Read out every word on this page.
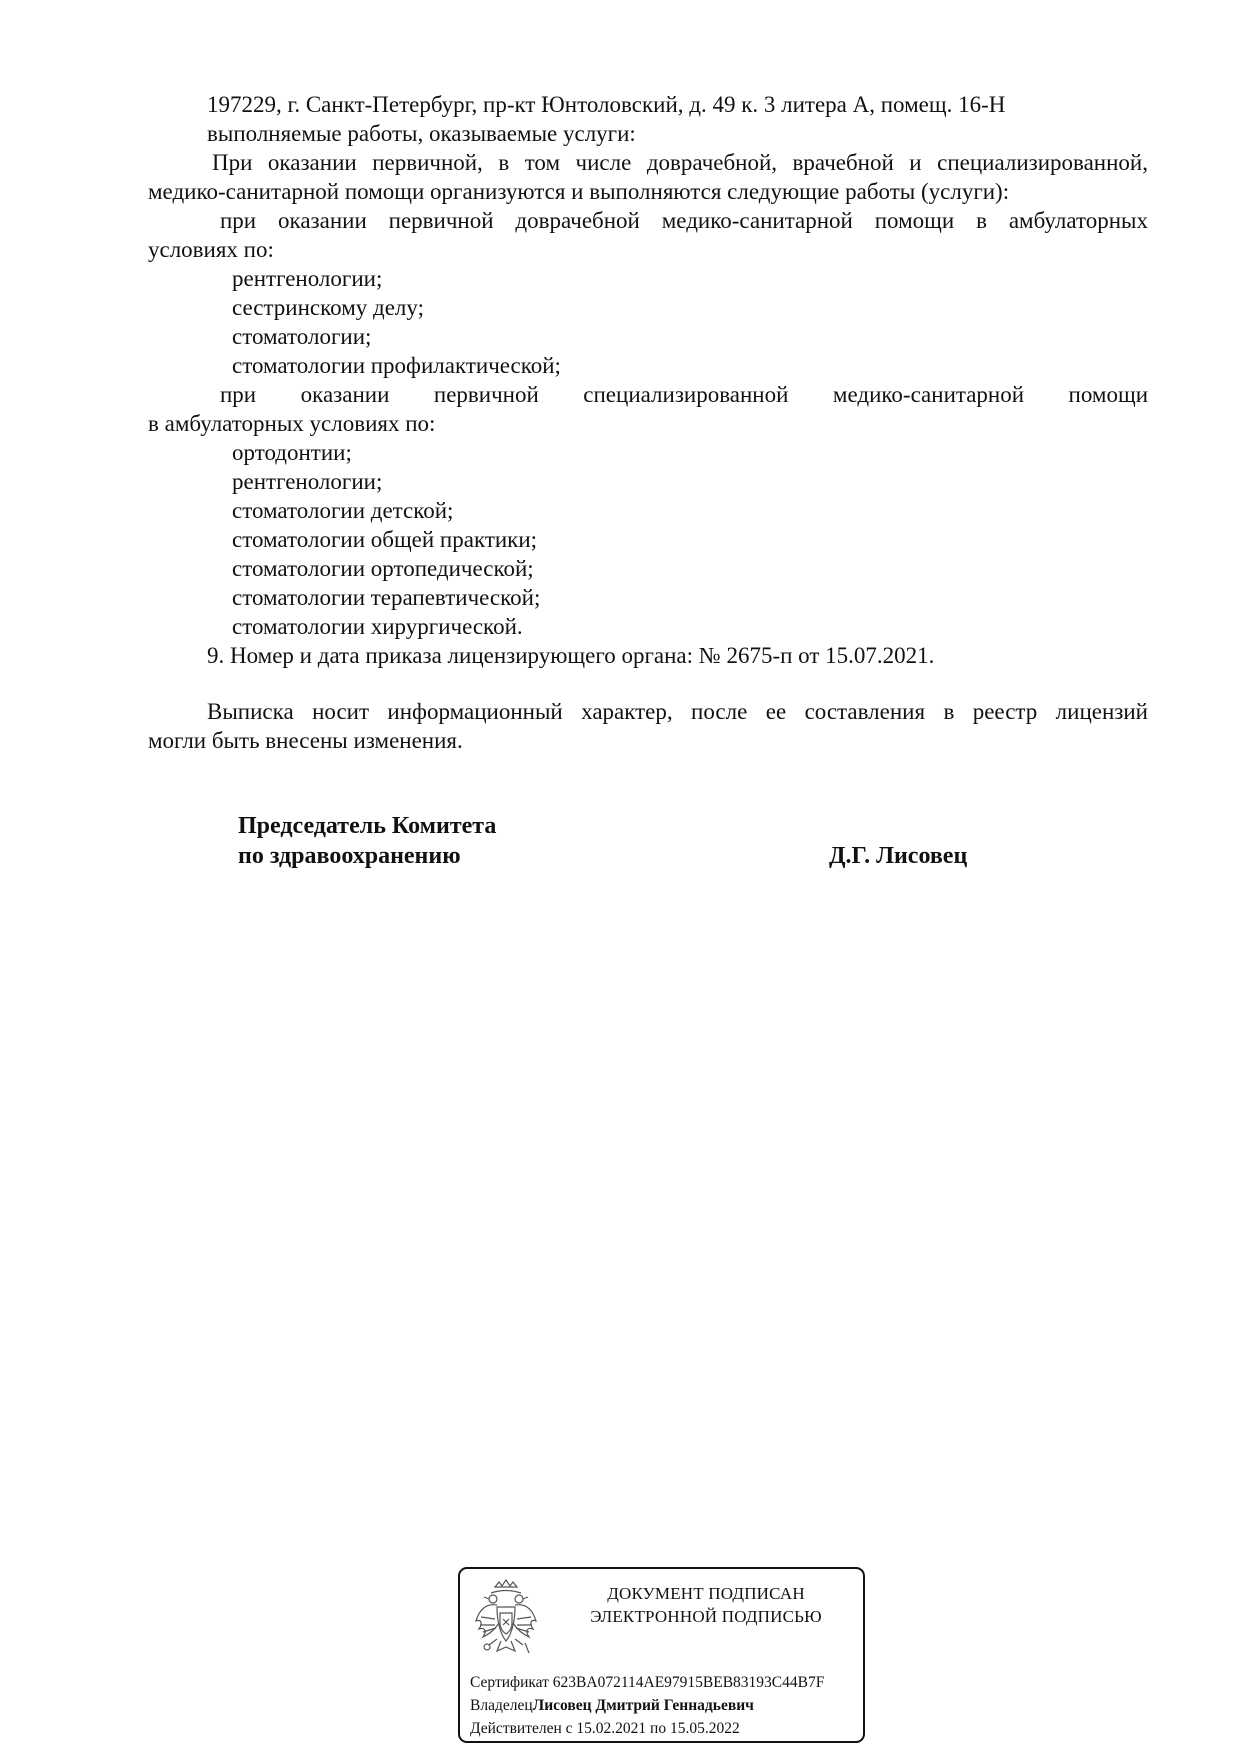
197229, г. Санкт-Петербург, пр-кт Юнтоловский, д. 49 к. 3 литера А, помещ. 16-Н
выполняемые работы, оказываемые услуги:
При оказании первичной, в том числе доврачебной, врачебной и специализированной,
медико-санитарной помощи организуются и выполняются следующие работы (услуги):
при оказании первичной доврачебной медико-санитарной помощи в амбулаторных
условиях по:
рентгенологии;
сестринскому делу;
стоматологии;
стоматологии профилактической;
при оказании первичной специализированной медико-санитарной помощи
в амбулаторных условиях по:
ортодонтии;
рентгенологии;
стоматологии детской;
стоматологии общей практики;
стоматологии ортопедической;
стоматологии терапевтической;
стоматологии хирургической.
9. Номер и дата приказа лицензирующего органа: № 2675-п от 15.07.2021.
Выписка носит информационный характер, после ее составления в реестр лицензий
могли быть внесены изменения.
Председатель Комитета
по здравоохранению	Д.Г. Лисовец
ДОКУМЕНТ ПОДПИСАН
ЭЛЕКТРОННОЙ ПОДПИСЬЮ
Сертификат 623BA072114AE97915BEB83193C44B7F
ВладелецЛисовец Дмитрий Геннадьевич
Действителен с 15.02.2021 по 15.05.2022
